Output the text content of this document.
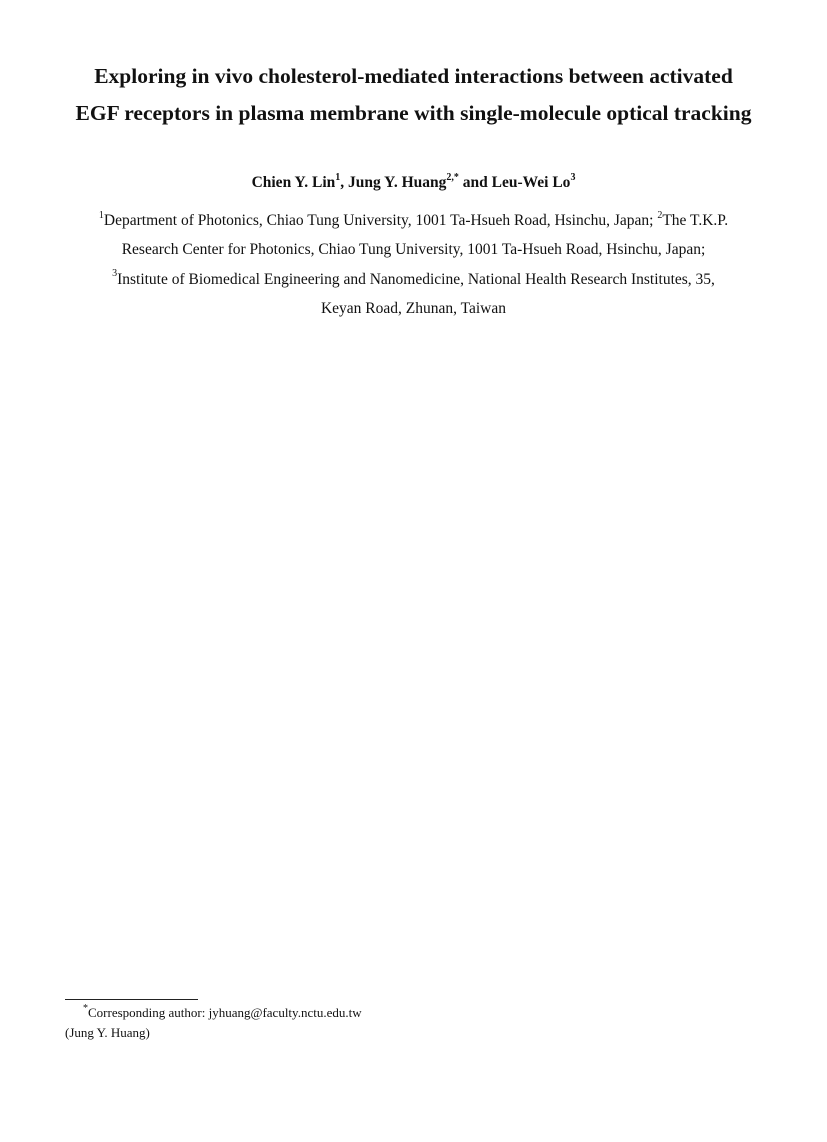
Exploring in vivo cholesterol-mediated interactions between activated
EGF receptors in plasma membrane with single-molecule optical tracking
Chien Y. Lin$^1$, Jung Y. Huang$^{2,*}$ and Leu-Wei Lo$^3$
$^1$Department of Photonics, Chiao Tung University, 1001 Ta-Hsueh Road, Hsinchu, Japan; $^2$The T.K.P.
Research Center for Photonics, Chiao Tung University, 1001 Ta-Hsueh Road, Hsinchu, Japan;
$^3$Institute of Biomedical Engineering and Nanomedicine, National Health Research Institutes, 35,
Keyan Road, Zhunan, Taiwan
*Corresponding author: jyhuang@faculty.nctu.edu.tw
(Jung Y. Huang)
